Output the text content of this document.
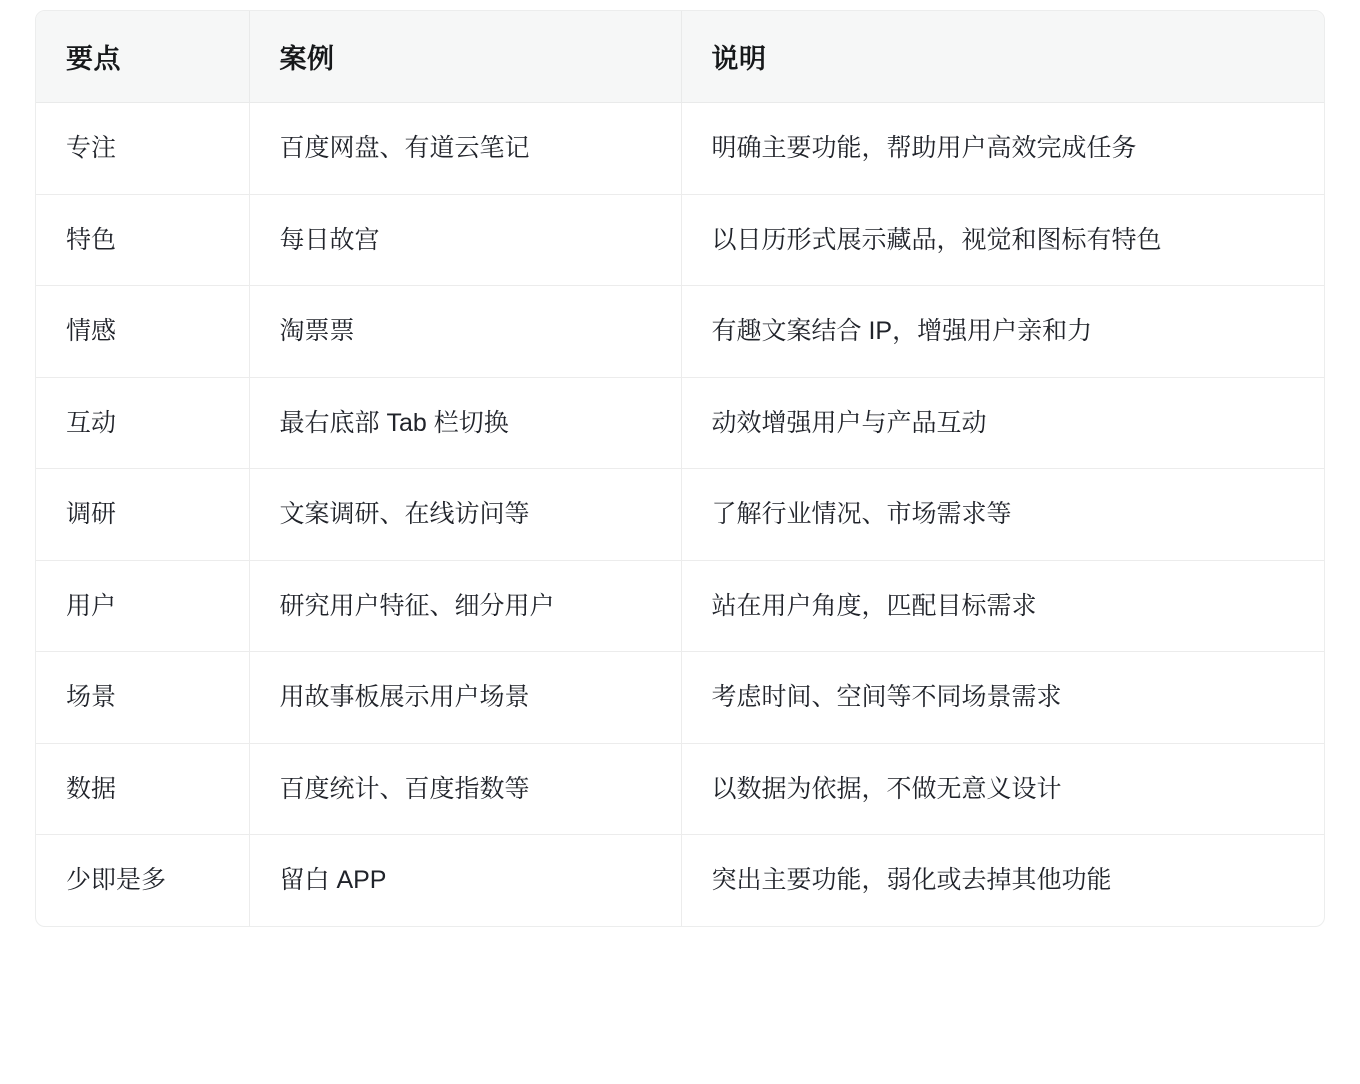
要点	案例	说明
专注	百度网盘、有道云笔记	明确主要功能，帮助用户高效完成任务
特色	每日故宫	以日历形式展示藏品，视觉和图标有特色
情感	淘票票	有趣文案结合 IP，增强用户亲和力
互动	最右底部 Tab 栏切换	动效增强用户与产品互动
调研	文案调研、在线访问等	了解行业情况、市场需求等
用户	研究用户特征、细分用户	站在用户角度，匹配目标需求
场景	用故事板展示用户场景	考虑时间、空间等不同场景需求
数据	百度统计、百度指数等	以数据为依据，不做无意义设计
少即是多	留白 APP	突出主要功能，弱化或去掉其他功能
